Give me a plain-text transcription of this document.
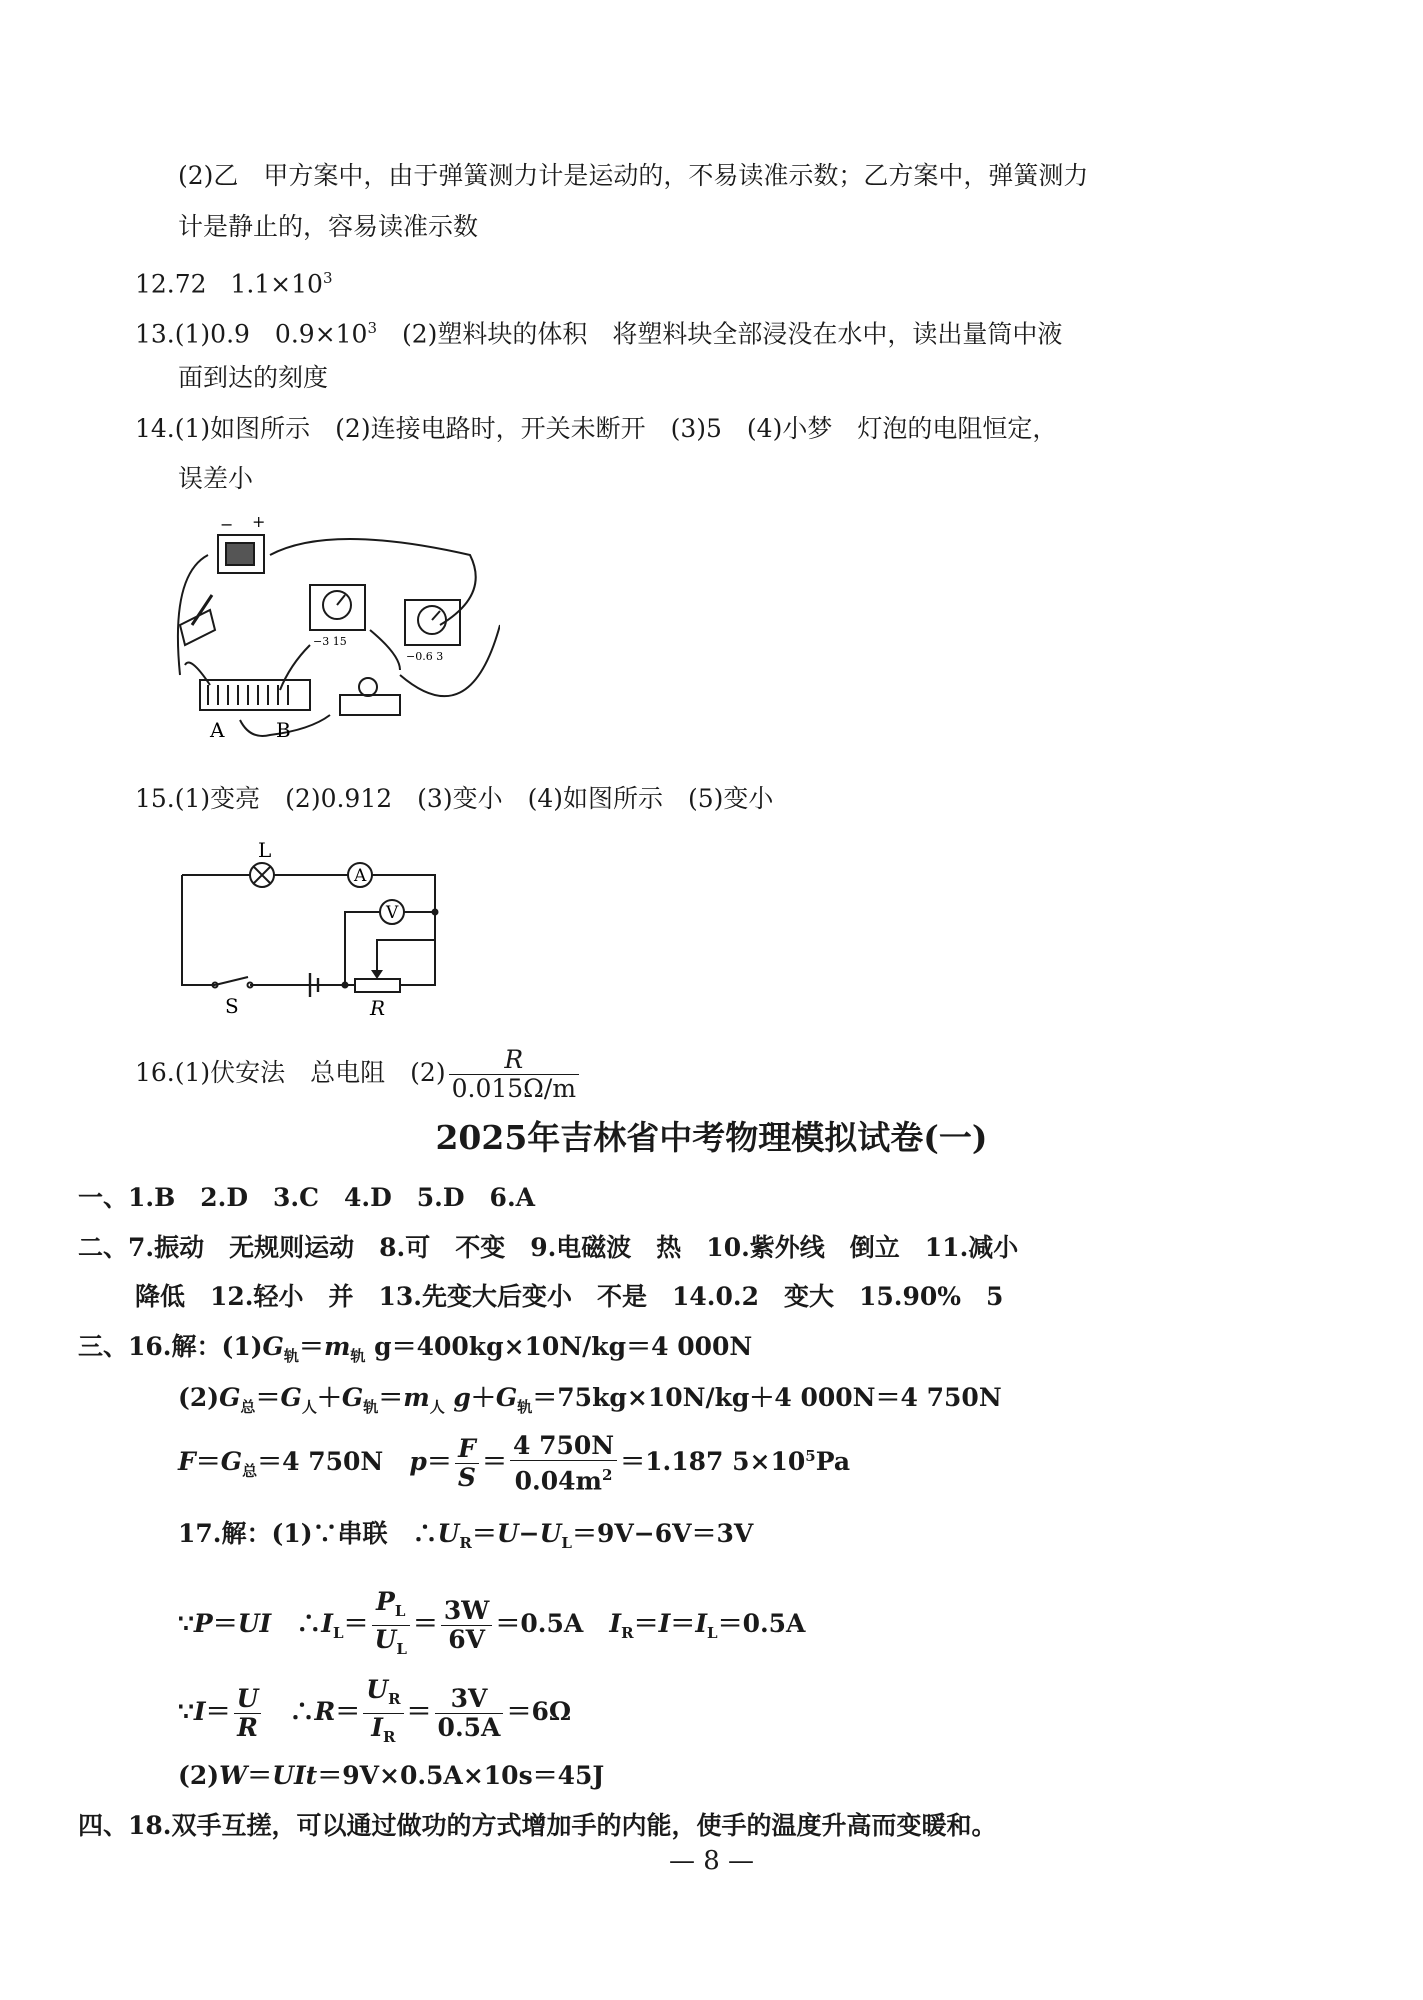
(2)乙　甲方案中，由于弹簧测力计是运动的，不易读准示数；乙方案中，弹簧测力
计是静止的，容易读准示数
12.72 $1.1\times 10^3$
13.(1)0.9　$0.9\times 10^3$　(2)塑料块的体积　将塑料块全部浸没在水中，读出量筒中液
面到达的刻度
14.(1)如图所示　(2)连接电路时，开关未断开　(3)5　(4)小梦　灯泡的电阻恒定，
误差小
− +
−3 15
−0.6 3
A	B
15.(1)变亮　(2)0.912　(3)变小　(4)如图所示　(5)变小
L
A
V
S	R
16.(1)伏安法　总电阻　$(2) \frac{R}{0.015\Omega/m}$
2025年吉林省中考物理模拟试卷(一)
一、1.B　2.D　3.C　4.D　5.D　6.A
二、7.振动　无规则运动　8.可　不变　9.电磁波　热　10.紫外线　倒立　11.减小
降低　12.轻小　并　13.先变大后变小　不是　14.0.2　变大　15.90%　5
三、16.解：$(1)G_轨=m_轨$ g＝400kg×10N/kg＝4 000N
$(2)G_总=G_人+G_轨=m_人$ $g+G_轨=75kg\times 10N/kg+4$ 000N＝4 750N
$F=G_总=4$ 750N $p= \frac{F}{S} = \frac{4 750N}{0.04m^2} =1.187$ $5\times 10^5Pa$
17.解：(1)∵串联　$\therefore U_R=U-U_L=9V-6V=3V$
∵P＝UI　$\therefore I_L= \frac{P_L}{U_L} = \frac{3W}{6V} =0.5A$ $I_R=I=I_L=0.5A$
∵I＝ $\frac{U}{R}$ 　∴R＝ $\frac{U_R}{I_R} = \frac{3V}{0.5A} =6\Omega$
(2)W＝UIt＝9V×0.5A×10s＝45J
四、18.双手互搓，可以通过做功的方式增加手的内能，使手的温度升高而变暖和。
— 8 —
